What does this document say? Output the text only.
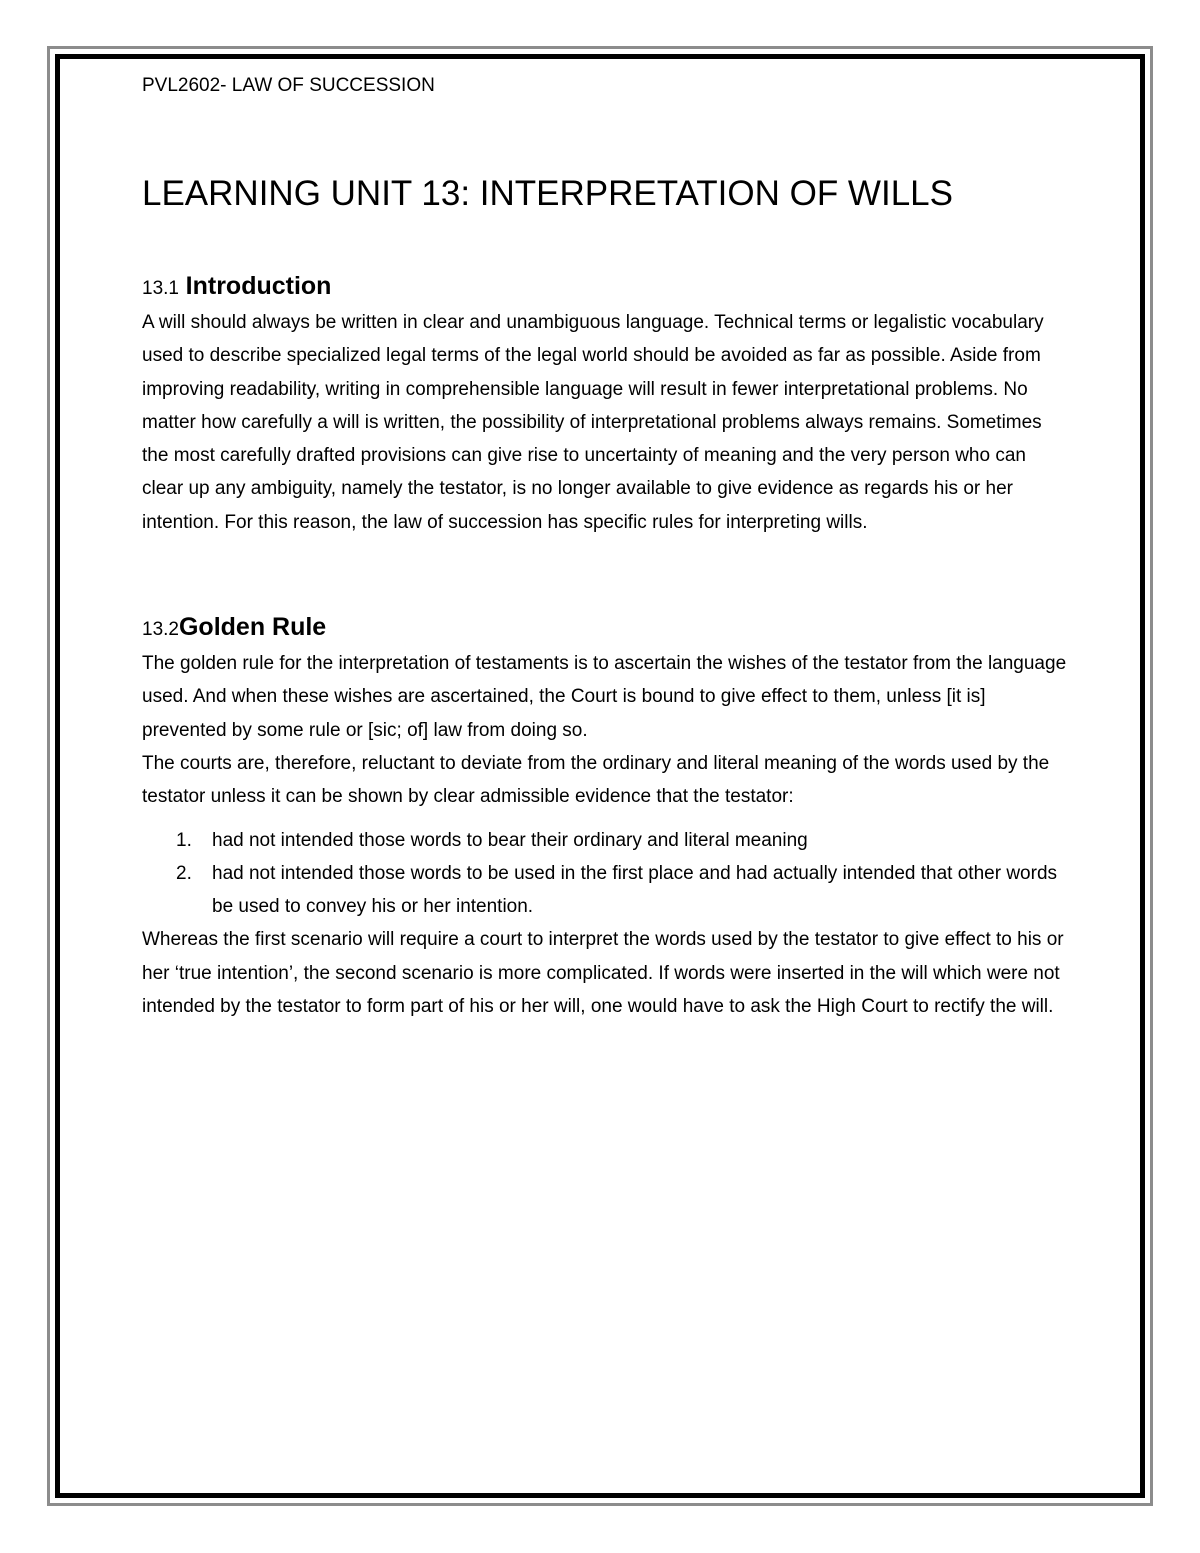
PVL2602- LAW OF SUCCESSION

LEARNING UNIT 13: INTERPRETATION OF WILLS
13.1 Introduction

A will should always be written in clear and unambiguous language. Technical terms or legalistic vocabulary used to describe specialized legal terms of the legal world should be avoided as far as possible. Aside from improving readability, writing in comprehensible language will result in fewer interpretational problems. No matter how carefully a will is written, the possibility of interpretational problems always remains. Sometimes the most carefully drafted provisions can give rise to uncertainty of meaning and the very person who can clear up any ambiguity, namely the testator, is no longer available to give evidence as regards his or her intention. For this reason, the law of succession has specific rules for interpreting wills.

13.2Golden Rule

The golden rule for the interpretation of testaments is to ascertain the wishes of the testator from the language used. And when these wishes are ascertained, the Court is bound to give effect to them, unless [it is] prevented by some rule or [sic; of] law from doing so.

The courts are, therefore, reluctant to deviate from the ordinary and literal meaning of the words used by the testator unless it can be shown by clear admissible evidence that the testator:

1. had not intended those words to bear their ordinary and literal meaning
2. had not intended those words to be used in the first place and had actually intended that other words be used to convey his or her intention.

Whereas the first scenario will require a court to interpret the words used by the testator to give effect to his or her ‘true intention’, the second scenario is more complicated. If words were inserted in the will which were not intended by the testator to form part of his or her will, one would have to ask the High Court to rectify the will.
